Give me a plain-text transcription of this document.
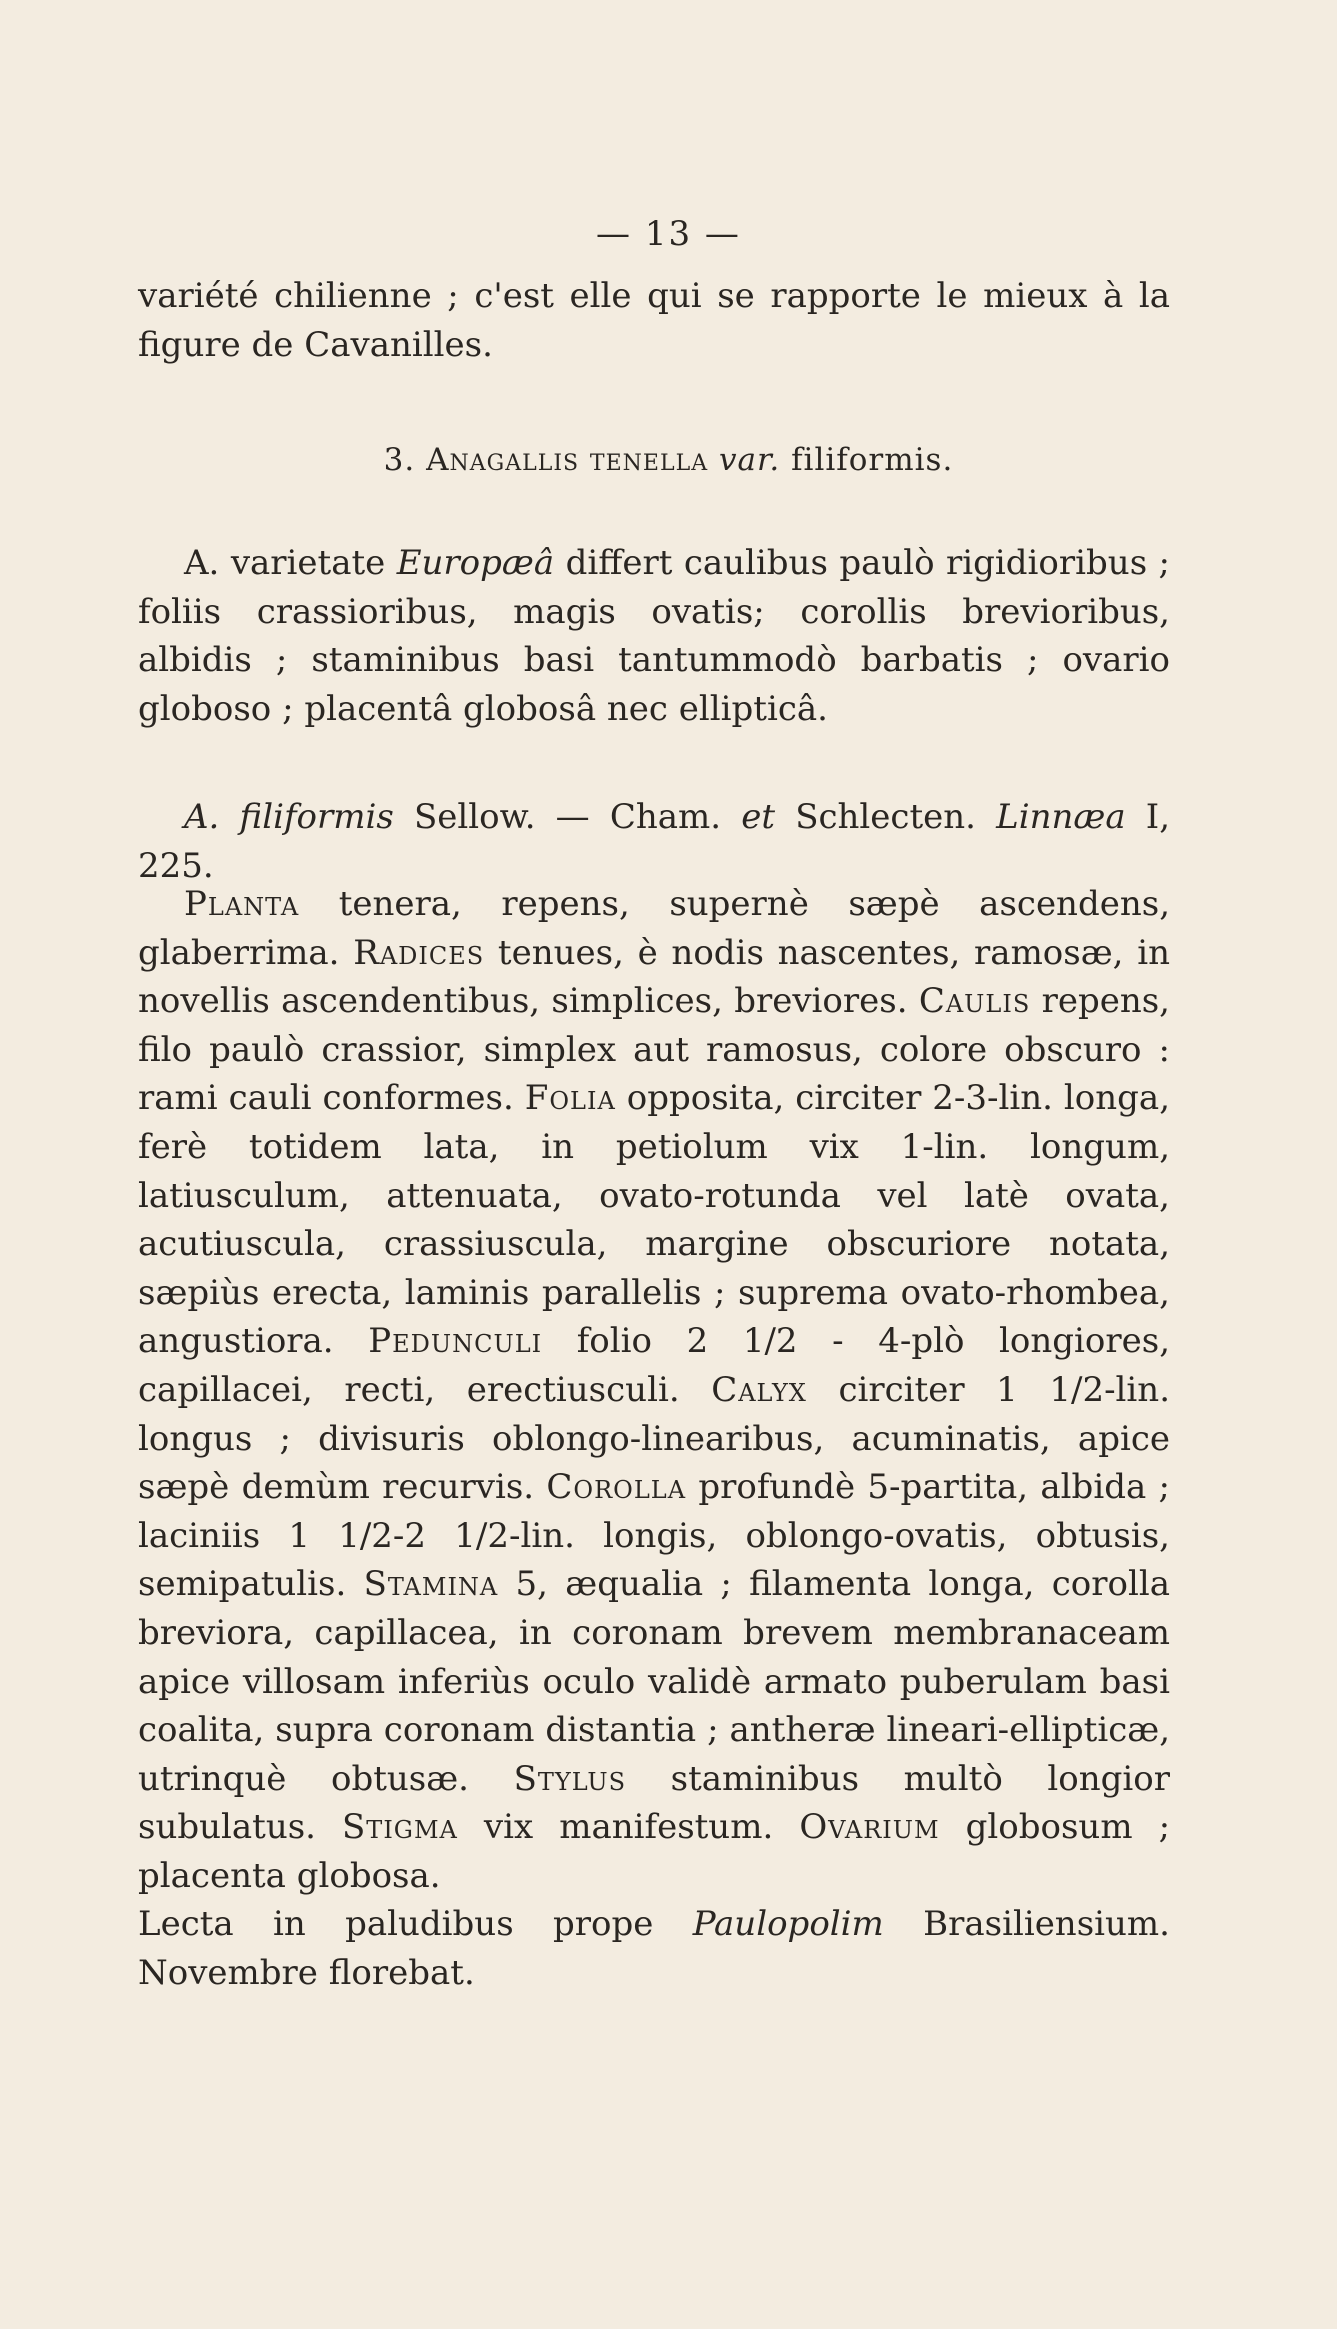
— 13 —
variété chilienne ; c'est elle qui se rapporte le mieux à la figure de Cavanilles.
3. Anagallis tenella var. filiformis.
A. varietate Europæâ differt caulibus paulò rigidioribus ; foliis crassioribus, magis ovatis; corollis brevioribus, albidis ; staminibus basi tantummodò barbatis ; ovario globoso ; placentâ globosâ nec ellipticâ.
A. filiformis Sellow. — Cham. et Schlecten. Linnæa I, 225.
Planta tenera, repens, supernè sæpè ascendens, glaberrima. Radices tenues, è nodis nascentes, ramosæ, in novellis ascendentibus, simplices, breviores. Caulis repens, filo paulò crassior, simplex aut ramosus, colore obscuro : rami cauli conformes. Folia opposita, circiter 2-3-lin. longa, ferè totidem lata, in petiolum vix 1-lin. longum, latiusculum, attenuata, ovato-rotunda vel latè ovata, acutiuscula, crassiuscula, margine obscuriore notata, sæpiùs erecta, laminis parallelis ; suprema ovato-rhombea, angustiora. Pedunculi folio 2 1/2 - 4-plò longiores, capillacei, recti, erectiusculi. Calyx circiter 1 1/2-lin. longus ; divisuris oblongo-linearibus, acuminatis, apice sæpè demùm recurvis. Corolla profundè 5-partita, albida ; laciniis 1 1/2-2 1/2-lin. longis, oblongo-ovatis, obtusis, semipatulis. Stamina 5, æqualia ; filamenta longa, corolla breviora, capillacea, in coronam brevem membranaceam apice villosam inferiùs oculo validè armato puberulam basi coalita, supra coronam distantia ; antheræ lineari-ellipticæ, utrinquè obtusæ. Stylus staminibus multò longior subulatus. Stigma vix manifestum. Ovarium globosum ; placenta globosa.
Lecta in paludibus prope Paulopolim Brasiliensium. Novembre florebat.
